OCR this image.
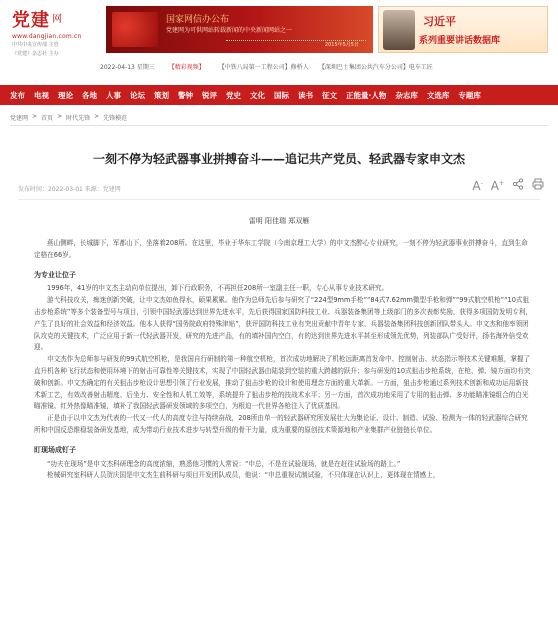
党建 网
www.dangjian.com.cn
中共中央宣传部 主管
《党建》杂志社 主办
国家网信办公布
党建网为可供网站转载新闻的中央新闻网站之一
2015年5月5日
习近平
系列重要讲话数据库
2022-04-13 星期三 【精彩视频】 【中铁八局第一工程公司】修桥人 【深圳巴士集团公共汽车分公司】电车工匠
发布 电视 理论 各地 人事 论坛 策划 警钟 锐评 党史 文化 国际 读书 征文 正能量·人物 杂志库 文选库 专题库
党建网 > 首页 > 时代先锋 > 先锋模范
一刻不停为轻武器事业拼搏奋斗——追记共产党员、轻武器专家申文杰
发布时间：2022-03-01 来源：党建网	A- A+
雷明 阳佳瑞 郑双雁

燕山侧畔，长城脚下，军都山下，坐落着208所。在这里，毕业于华东工学院（今南京理工大学）的申文杰醉心专业研究，一刻不停为轻武器事业拼搏奋斗，直到生命定格在66岁。

为专业让位子

1996年，41岁的申文杰主动向单位提出，卸下行政职务，不再担任208所一室副主任一职，专心从事专业技术研究。

游弋科技攻关，痴迷创新突破，让申文杰如鱼得水，硕果累累。他作为总师先后参与研究了“224型9mm手枪”“84式7.62mm微型手枪和弹”“99式航空机枪”“10式狙击步枪系统”等多个装备型号与项目，引领中国轻武器达到世界先进水平，先后获得国家国防科技工业、兵器装备集团等上级部门的多次表彰奖励，获得多项国防发明专利，产生了良好的社会效益和经济效益。他本人获得“国务院政府特殊津贴”，获评国防科技工业有突出贡献中青年专家、兵器装备集团科技创新团队带头人。申文杰和他率领团队攻克的关键技术，广泛应用于新一代轻武器开发，研究的先进产品，有的填补国内空白，有的达到世界先进水平甚至形成领先优势，列装部队广受好评，扬名海外倍受欢迎。

申文杰作为总师参与研发的99式航空机枪，是我国自行研制的第一种航空机枪，首次成功地解决了机枪远距离首发命中、控制射击、状态指示等技术关键难题，掌握了直升机各种飞行状态和使用环境下的射击可靠性等关键技术，实现了中国轻武器由陆装到空装的重大跨越的跃升；参与研发的10式狙击步枪系统，在枪、弹、镜方面均有突破和创新。申文杰确定的有关狙击步枪设计思想引领了行业发展，推动了狙击步枪的设计和使用理念方面的重大革新。一方面，狙击步枪通过系列技术创新和成功运用新技术新工艺，有效改善射击精度、后坐力、安全性和人机工效等，系统提升了狙击步枪的技战术水平；另一方面，首次成功地采用了专用的狙击弹、多功能瞄准镜组合的白光瞄准镜、红外热像瞄准镜，填补了我国轻武器研发领域的多项空白，为根迫一代世界各枪注入了优质基因。

正是由于以申文杰为代表的一代又一代人的高度专注与持续奋战，208所由单一的轻武器研究所发展壮大为集论证、设计、制造、试验、检测为一体的轻武器综合研究所和中国反恐维稳装备研发基地，成为带动行业技术进步与转型升级的骨干力量，成为重要的原创技术策源地和产业集群产业链链长单位。

盯现场成钉子

“功夫在现场”是申文杰科研理念的高度浓缩，熟悉他习惯的人常说：“申总，不是在试验现场，就是在赶往试验场的路上。”

枪械研究室科研人员贺庆国是申文杰生前科研与项目开发团队成员，他说：“申总重视试制试验，不只体现在认识上，更体现在情感上，
